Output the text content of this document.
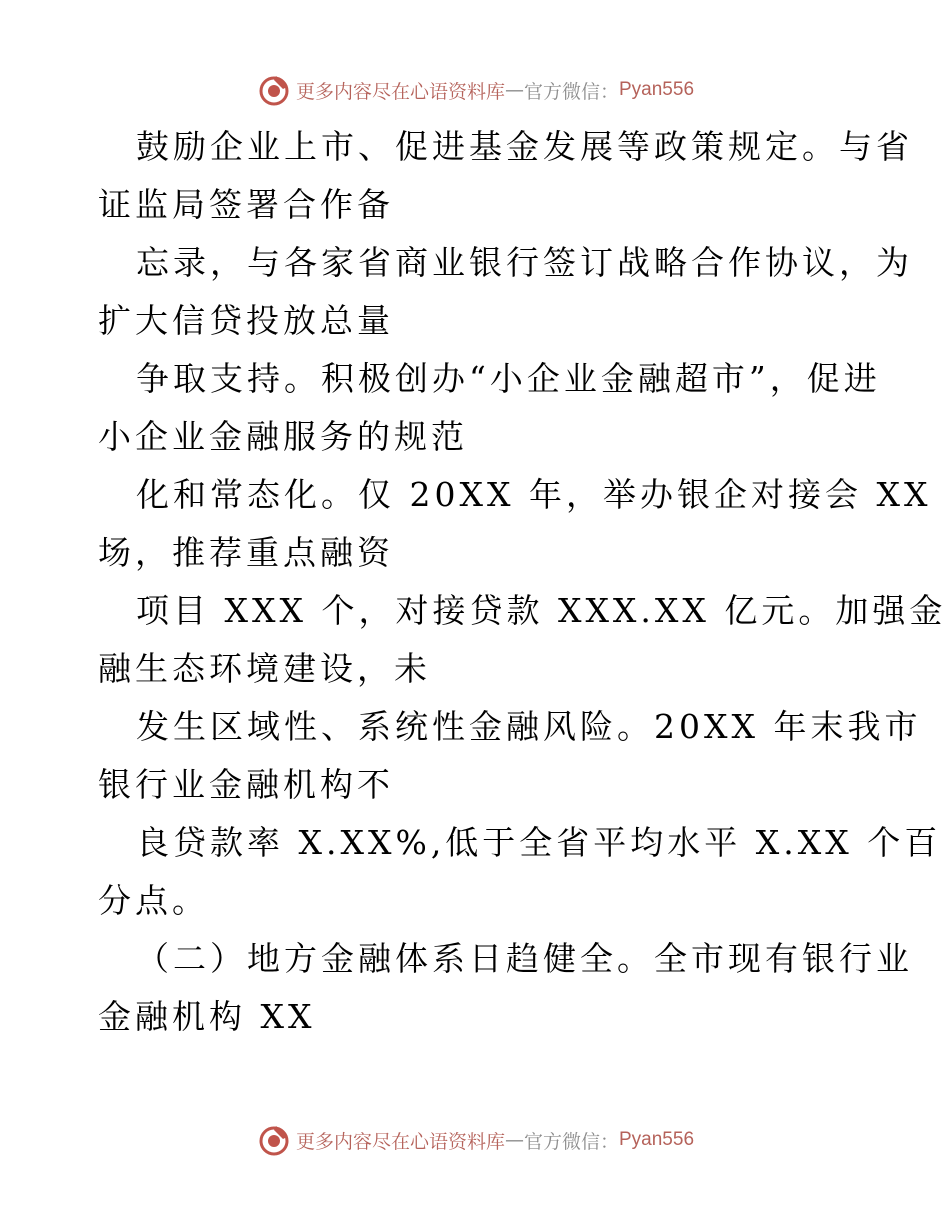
更多内容尽在心语资料库 — 官方微信： Pyan556

鼓励企业上市、促进基金发展等政策规定。与省
证监局签署合作备

忘录，与各家省商业银行签订战略合作协议，为
扩大信贷投放总量

争取支持。积极创办“小企业金融超市”，促进
小企业金融服务的规范

化和常态化。仅 20XX 年，举办银企对接会 XX
场，推荐重点融资

项目 XXX 个，对接贷款 XXX.XX 亿元。加强金
融生态环境建设，未

发生区域性、系统性金融风险。20XX 年末我市
银行业金融机构不

良贷款率 X.XX%,低于全省平均水平 X.XX 个百
分点。

（二）地方金融体系日趋健全。全市现有银行业
金融机构 XX

更多内容尽在心语资料库 — 官方微信： Pyan556
